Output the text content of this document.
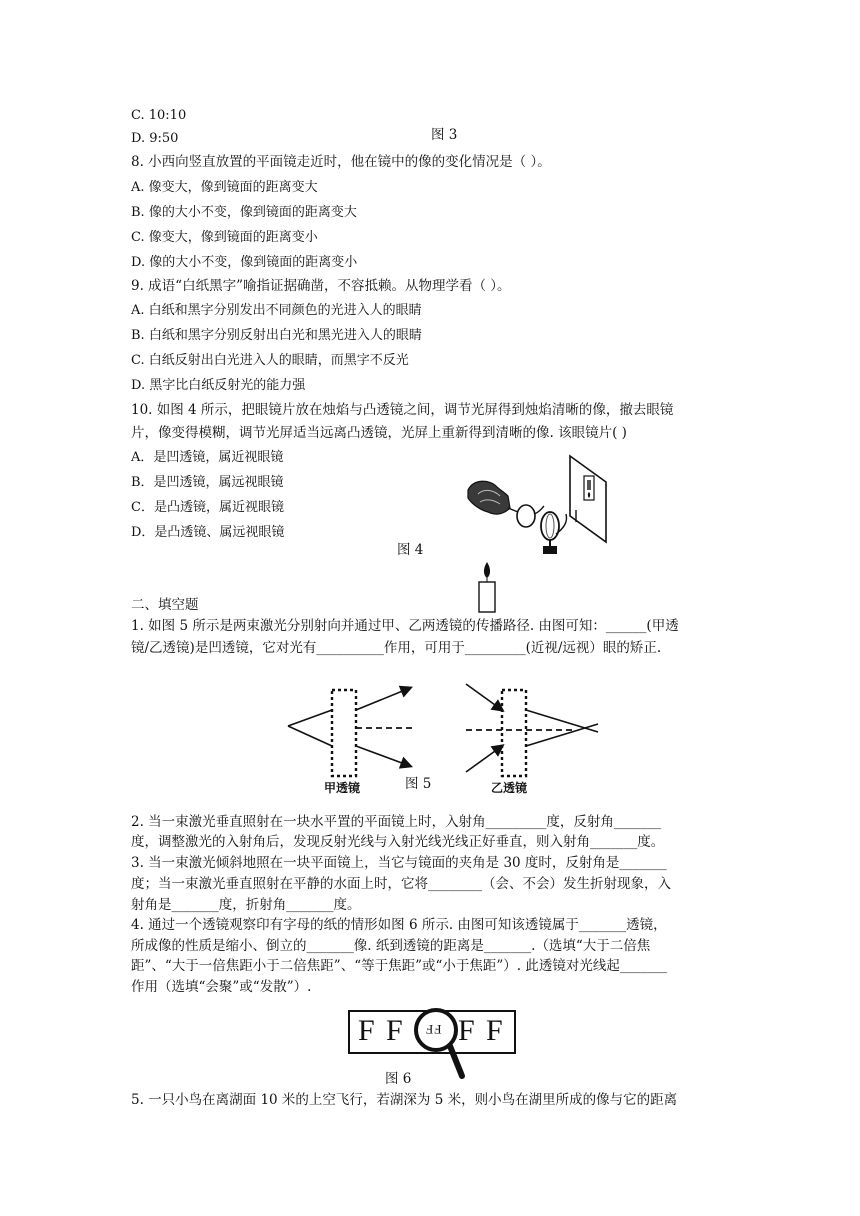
C. 10:10
D. 9:50	图 3
8. 小西向竖直放置的平面镜走近时，他在镜中的像的变化情况是（ ）。
A. 像变大，像到镜面的距离变大
B. 像的大小不变，像到镜面的距离变大
C. 像变大，像到镜面的距离变小
D. 像的大小不变，像到镜面的距离变小
9. 成语“白纸黑字”喻指证据确凿，不容抵赖。从物理学看（ ）。
A. 白纸和黑字分别发出不同颜色的光进入人的眼睛
B. 白纸和黑字分别反射出白光和黑光进入人的眼睛
C. 白纸反射出白光进入人的眼睛，而黑字不反光
D. 黑字比白纸反射光的能力强
10. 如图 4 所示，把眼镜片放在烛焰与凸透镜之间，调节光屏得到烛焰清晰的像，撤去眼镜
片，像变得模糊，调节光屏适当远离凸透镜，光屏上重新得到清晰的像. 该眼镜片( )
A．是凹透镜，属近视眼镜
B．是凹透镜，属远视眼镜
C．是凸透镜，属近视眼镜
D．是凸透镜、属远视眼镜
图 4
二、填空题
1. 如图 5 所示是两束激光分别射向并通过甲、乙两透镜的传播路径. 由图可知：______(甲透
镜/乙透镜)是凹透镜，它对光有__________作用，可用于_________(近视/远视）眼的矫正.
甲透镜	图 5	乙透镜
2. 当一束激光垂直照射在一块水平置的平面镜上时，入射角_________度，反射角_______
度，调整激光的入射角后，发现反射光线与入射光线光线正好垂直，则入射角_______度。
3. 当一束激光倾斜地照在一块平面镜上，当它与镜面的夹角是 30 度时，反射角是_______
度；当一束激光垂直照射在平静的水面上时，它将________（会、不会）发生折射现象，入
射角是_______度，折射角_______度。
4. 通过一个透镜观察印有字母的纸的情形如图 6 所示. 由图可知该透镜属于_______透镜，
所成像的性质是缩小、倒立的_______像. 纸到透镜的距离是_______.（选填“大于二倍焦
距”、“大于一倍焦距小于二倍焦距”、“等于焦距”或“小于焦距”）. 此透镜对光线起_______
作用（选填“会聚”或“发散”）.
F F F F
FF
图 6
5. 一只小鸟在离湖面 10 米的上空飞行，若湖深为 5 米，则小鸟在湖里所成的像与它的距离
